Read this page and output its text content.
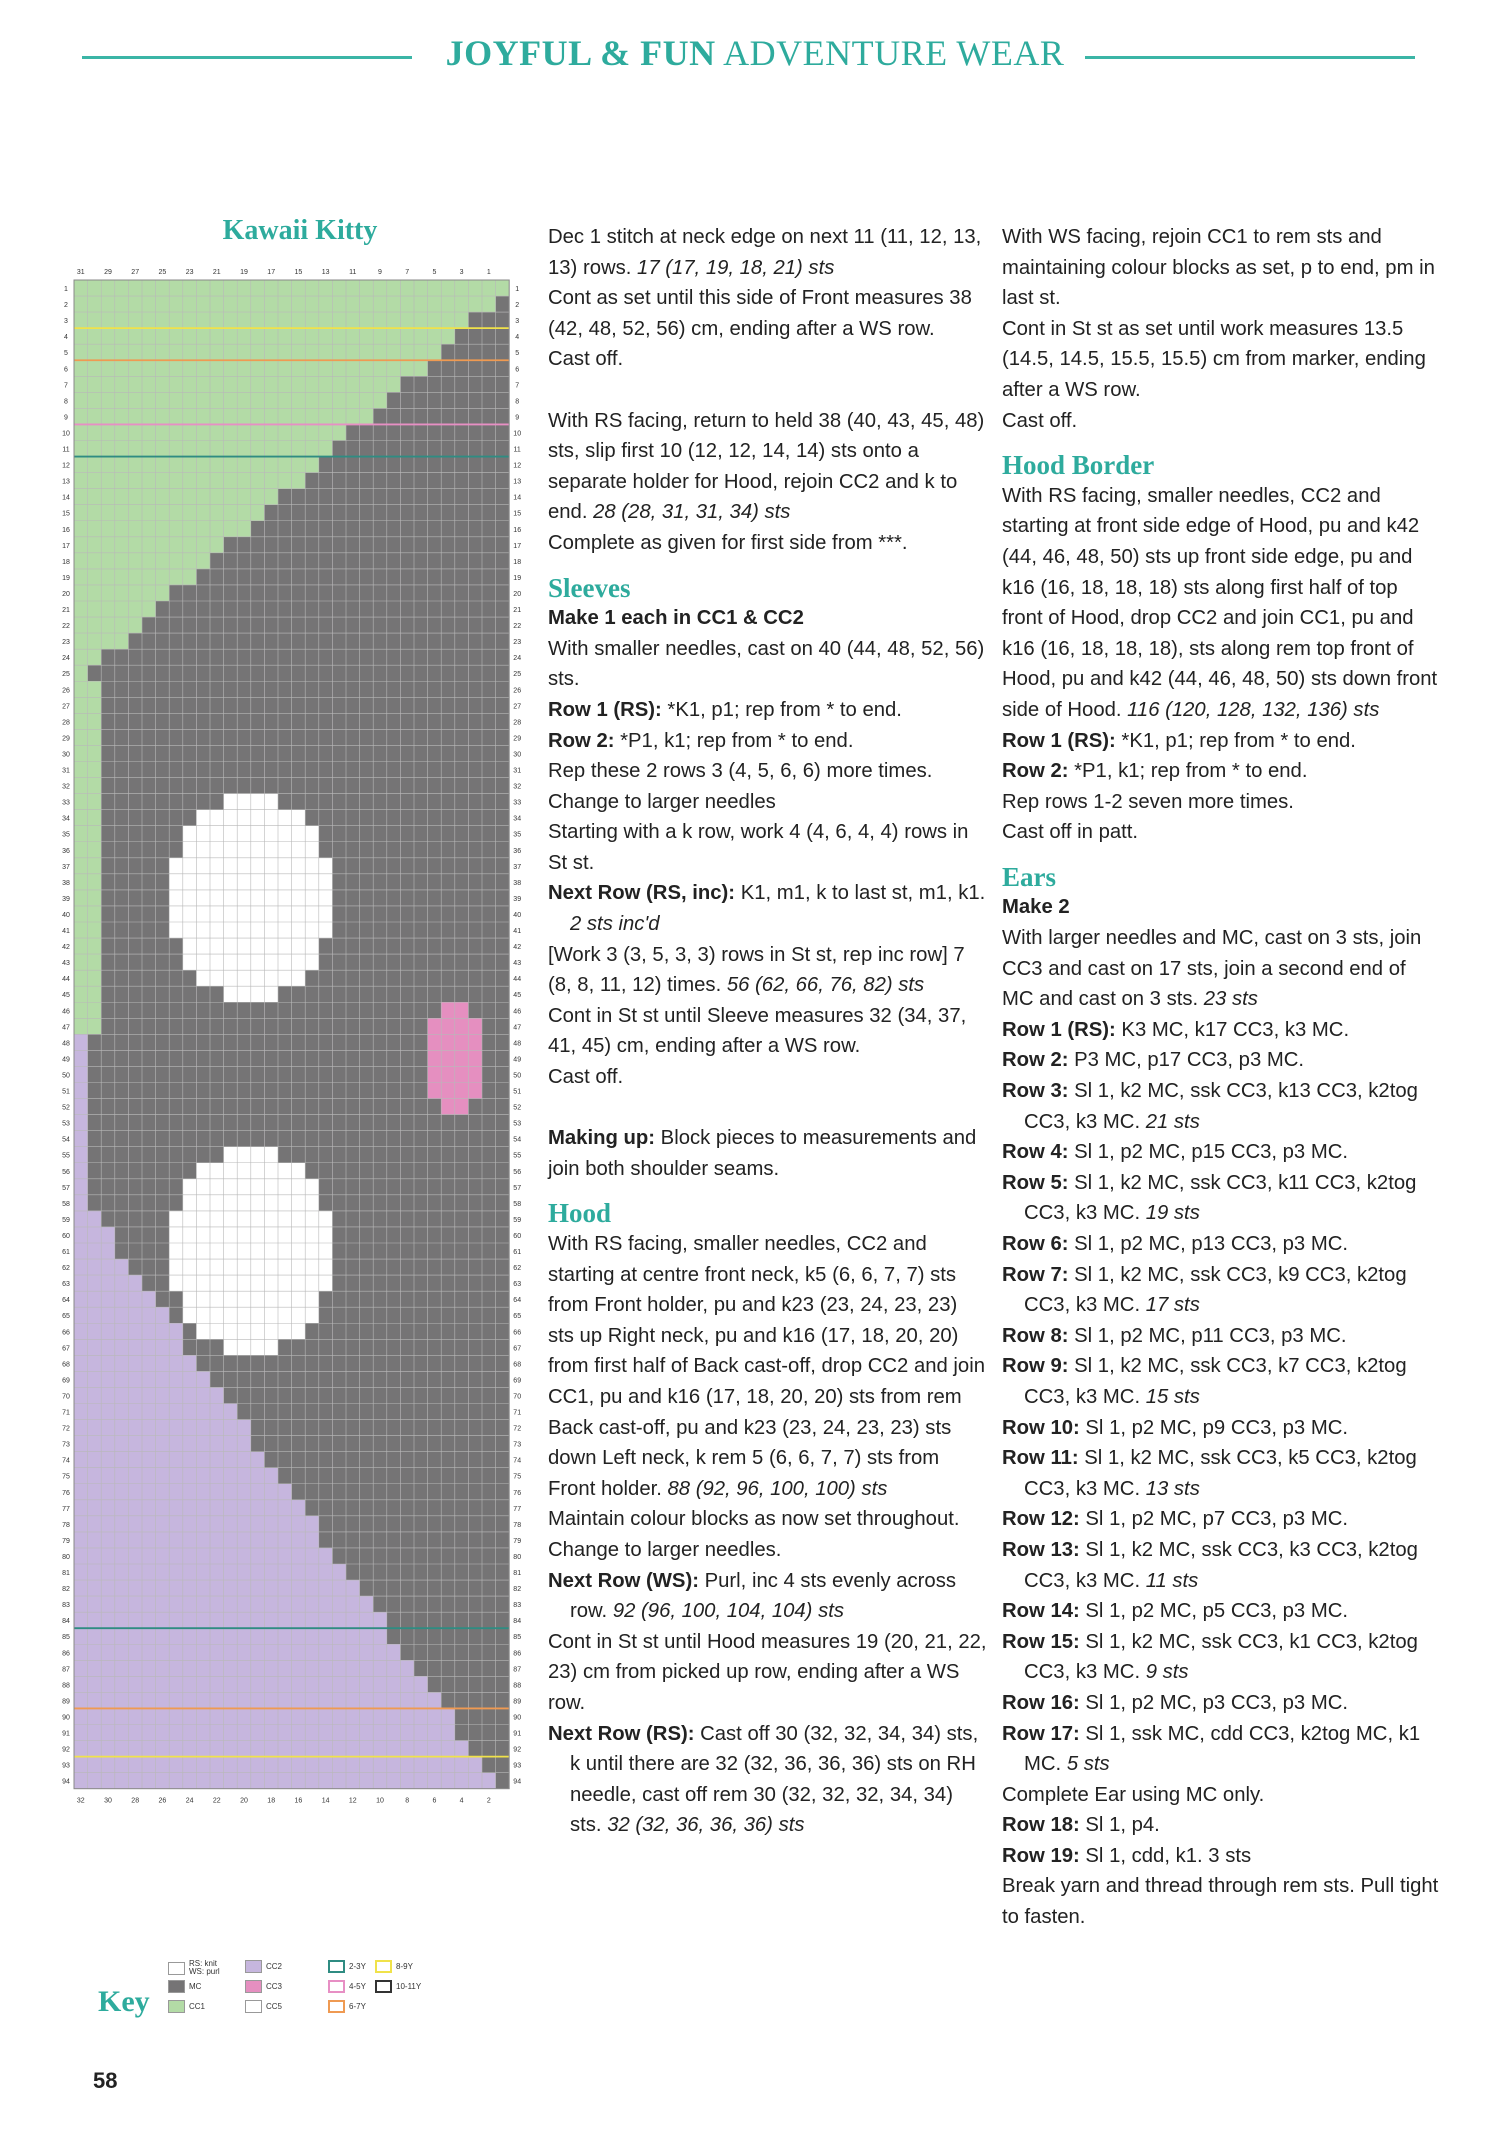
JOYFUL & FUN ADVENTURE WEAR
Kawaii Kitty
1	1
2	2
3	3
4	4
5	5
6	6
7	7
8	8
9	9
10	10
11	11
12	12
13	13
14	14
15	15
16	16
17	17
18	18
19	19
20	20
21	21
22	22
23	23
24	24
25	25
26	26
27	27
28	28
29	29
30	30
31	31
32	32
33	33
34	34
35	35
36	36
37	37
38	38
39	39
40	40
41	41
42	42
43	43
44	44
45	45
46	46
47	47
48	48
49	49
50	50
51	51
52	52
53	53
54	54
55	55
56	56
57	57
58	58
59	59
60	60
61	61
62	62
63	63
64	64
65	65
66	66
67	67
68	68
69	69
70	70
71	71
72	72
73	73
74	74
75	75
76	76
77	77
78	78
79	79
80	80
81	81
82	82
83	83
84	84
85	85
86	86
87	87
88	88
89	89
90	90
91	91
92	92
93	93
94	94
31	29	27	25	23	21	19	17	15	13	11	9	7	5	3	1
32	30	28	26	24	22	20	18	16	14	12	10	8	6	4	2
Key
RS: knit
WS: purl
MC
CC1
CC2
CC3
CC5
2-3Y
4-5Y
6-7Y
8-9Y
10-11Y

Dec 1 stitch at neck edge on next 11 (11, 12, 13, 13) rows. 17 (17, 19, 18, 21) sts

Cont as set until this side of Front measures 38 (42, 48, 52, 56) cm, ending after a WS row.

Cast off.

With RS facing, return to held 38 (40, 43, 45, 48) sts, slip first 10 (12, 12, 14, 14) sts onto a separate holder for Hood, rejoin CC2 and k to end. 28 (28, 31, 31, 34) sts

Complete as given for first side from ***.

Sleeves

Make 1 each in CC1 & CC2

With smaller needles, cast on 40 (44, 48, 52, 56) sts.

Row 1 (RS): *K1, p1; rep from * to end.

Row 2: *P1, k1; rep from * to end.

Rep these 2 rows 3 (4, 5, 6, 6) more times.

Change to larger needles

Starting with a k row, work 4 (4, 6, 4, 4) rows in St st.

Next Row (RS, inc): K1, m1, k to last st, m1, k1. 2 sts inc'd

[Work 3 (3, 5, 3, 3) rows in St st, rep inc row] 7 (8, 8, 11, 12) times. 56 (62, 66, 76, 82) sts

Cont in St st until Sleeve measures 32 (34, 37, 41, 45) cm, ending after a WS row.

Cast off.

Making up: Block pieces to measurements and join both shoulder seams.

Hood

With RS facing, smaller needles, CC2 and starting at centre front neck, k5 (6, 6, 7, 7) sts from Front holder, pu and k23 (23, 24, 23, 23) sts up Right neck, pu and k16 (17, 18, 20, 20) from first half of Back cast-off, drop CC2 and join CC1, pu and k16 (17, 18, 20, 20) sts from rem Back cast-off, pu and k23 (23, 24, 23, 23) sts down Left neck, k rem 5 (6, 6, 7, 7) sts from Front holder. 88 (92, 96, 100, 100) sts

Maintain colour blocks as now set throughout.

Change to larger needles.

Next Row (WS): Purl, inc 4 sts evenly across row. 92 (96, 100, 104, 104) sts

Cont in St st until Hood measures 19 (20, 21, 22, 23) cm from picked up row, ending after a WS row.

Next Row (RS): Cast off 30 (32, 32, 34, 34) sts, k until there are 32 (32, 36, 36, 36) sts on RH needle, cast off rem 30 (32, 32, 32, 34, 34) sts. 32 (32, 36, 36, 36) sts

With WS facing, rejoin CC1 to rem sts and maintaining colour blocks as set, p to end, pm in last st.

Cont in St st as set until work measures 13.5 (14.5, 14.5, 15.5, 15.5) cm from marker, ending after a WS row.

Cast off.

Hood Border

With RS facing, smaller needles, CC2 and starting at front side edge of Hood, pu and k42 (44, 46, 48, 50) sts up front side edge, pu and k16 (16, 18, 18, 18) sts along first half of top front of Hood, drop CC2 and join CC1, pu and k16 (16, 18, 18, 18), sts along rem top front of Hood, pu and k42 (44, 46, 48, 50) sts down front side of Hood. 116 (120, 128, 132, 136) sts

Row 1 (RS): *K1, p1; rep from * to end.

Row 2: *P1, k1; rep from * to end.

Rep rows 1-2 seven more times.

Cast off in patt.

Ears

Make 2

With larger needles and MC, cast on 3 sts, join CC3 and cast on 17 sts, join a second end of MC and cast on 3 sts. 23 sts

Row 1 (RS): K3 MC, k17 CC3, k3 MC.

Row 2: P3 MC, p17 CC3, p3 MC.

Row 3: Sl 1, k2 MC, ssk CC3, k13 CC3, k2tog CC3, k3 MC. 21 sts

Row 4: Sl 1, p2 MC, p15 CC3, p3 MC.

Row 5: Sl 1, k2 MC, ssk CC3, k11 CC3, k2tog CC3, k3 MC. 19 sts

Row 6: Sl 1, p2 MC, p13 CC3, p3 MC.

Row 7: Sl 1, k2 MC, ssk CC3, k9 CC3, k2tog CC3, k3 MC. 17 sts

Row 8: Sl 1, p2 MC, p11 CC3, p3 MC.

Row 9: Sl 1, k2 MC, ssk CC3, k7 CC3, k2tog CC3, k3 MC. 15 sts

Row 10: Sl 1, p2 MC, p9 CC3, p3 MC.

Row 11: Sl 1, k2 MC, ssk CC3, k5 CC3, k2tog CC3, k3 MC. 13 sts

Row 12: Sl 1, p2 MC, p7 CC3, p3 MC.

Row 13: Sl 1, k2 MC, ssk CC3, k3 CC3, k2tog CC3, k3 MC. 11 sts

Row 14: Sl 1, p2 MC, p5 CC3, p3 MC.

Row 15: Sl 1, k2 MC, ssk CC3, k1 CC3, k2tog CC3, k3 MC. 9 sts

Row 16: Sl 1, p2 MC, p3 CC3, p3 MC.

Row 17: Sl 1, ssk MC, cdd CC3, k2tog MC, k1 MC. 5 sts

Complete Ear using MC only.

Row 18: Sl 1, p4.

Row 19: Sl 1, cdd, k1. 3 sts

Break yarn and thread through rem sts. Pull tight to fasten.

58
